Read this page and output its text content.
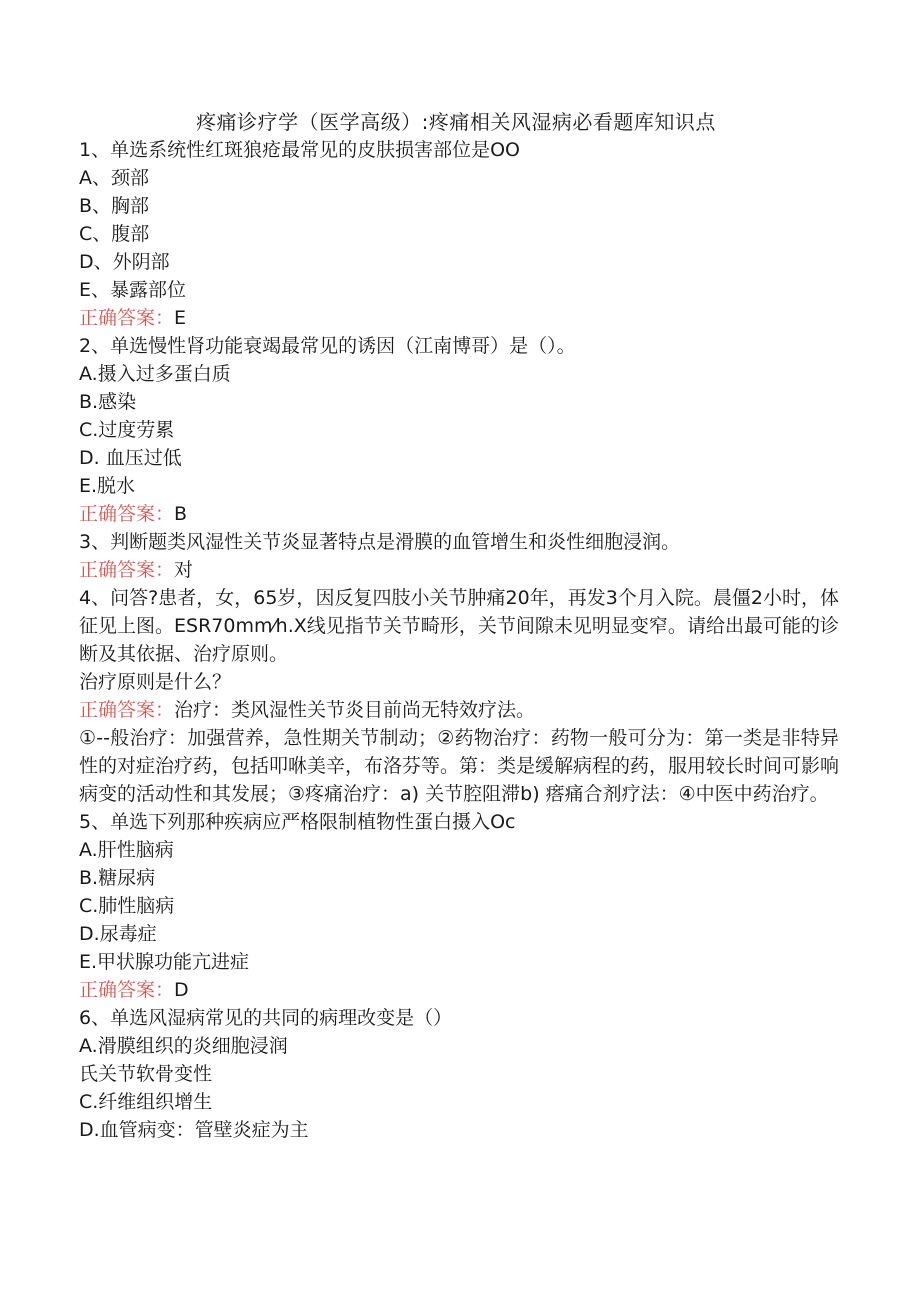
疼痛诊疗学（医学高级）:疼痛相关风湿病必看题库知识点
1、单选系统性红斑狼疮最常见的皮肤损害部位是OO
A、颈部
B、胸部
C、腹部
D、外阴部
E、暴露部位
正确答案：E
2、单选慢性肾功能衰竭最常见的诱因（江南博哥）是（）。
A.摄入过多蛋白质
B.感染
C.过度劳累
D. 血压过低
E.脱水
正确答案：B
3、判断题类风湿性关节炎显著特点是滑膜的血管增生和炎性细胞浸润。
正确答案：对
4、问答?患者，女，65岁，因反复四肢小关节肿痛20年，再发3个月入院。晨僵2小时，体征见上图。ESR70mm⁄h.X线见指节关节畸形，关节间隙未见明显变窄。请给出最可能的诊断及其依据、治疗原则。
治疗原则是什么？
正确答案：治疗：类风湿性关节炎目前尚无特效疗法。
①--般治疗：加强营养，急性期关节制动；②药物治疗：药物一般可分为：第一类是非特异性的对症治疗药，包括叩咻美辛，布洛芬等。第：类是缓解病程的药，服用较长时间可影响病变的活动性和其发展；③疼痛治疗：a) 关节腔阻滞b) 瘩痛合剂疗法：④中医中药治疗。
5、单选下列那种疾病应严格限制植物性蛋白摄入Oc
A.肝性脑病
B.糖尿病
C.肺性脑病
D.尿毒症
E.甲状腺功能亢进症
正确答案：D
6、单选风湿病常见的共同的病理改变是（）
A.滑膜组织的炎细胞浸润
氏关节软骨变性
C.纤维组织增生
D.血管病变：管壁炎症为主
